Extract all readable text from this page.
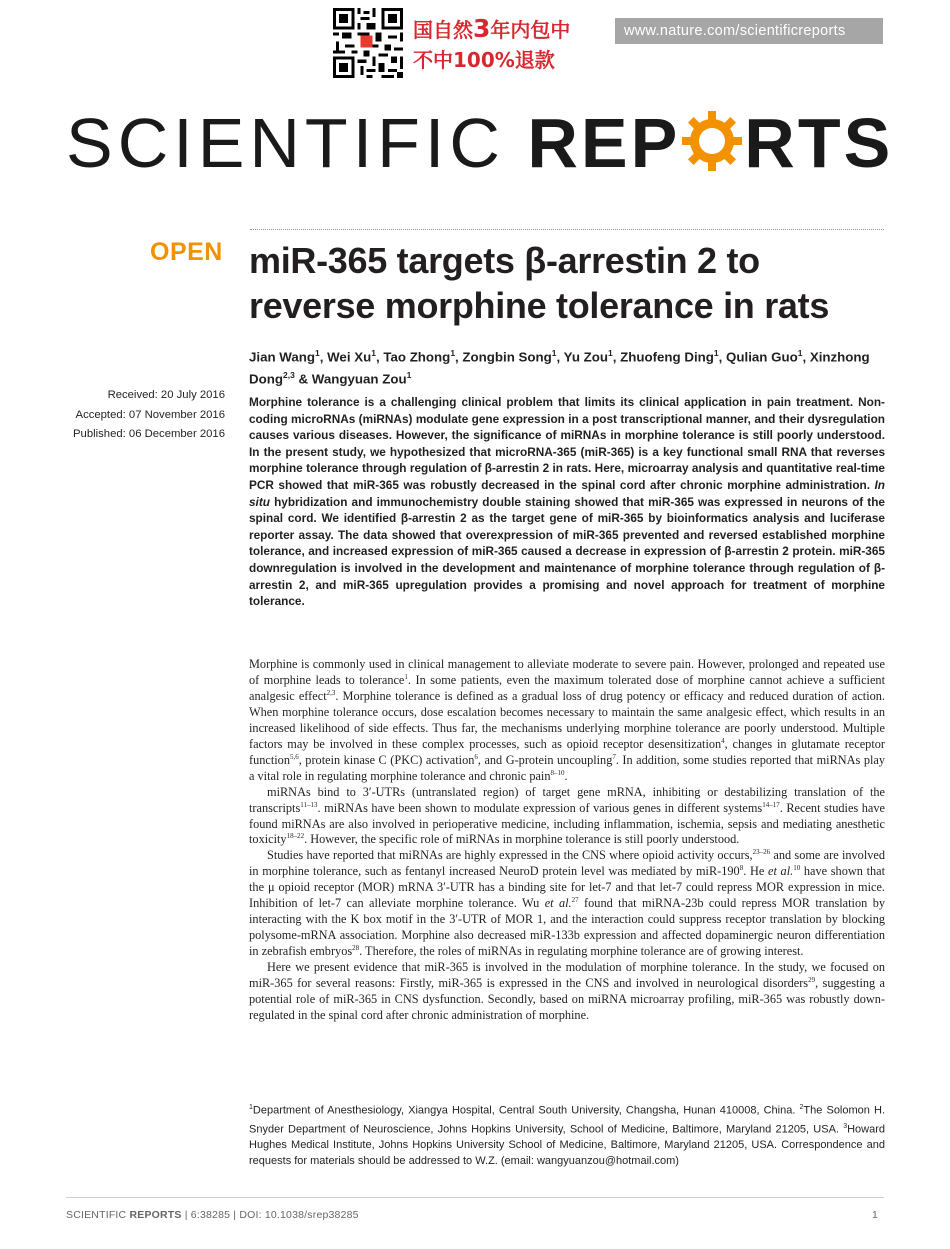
国自然3年内包中
不中100%退款
www.nature.com/scientificreports
SCIENTIFIC REP RTS
OPEN miR-365 targets β-arrestin 2 to reverse morphine tolerance in rats
Jian Wang$^1$, Wei Xu$^1$, Tao Zhong$^1$, Zongbin Song$^1$, Yu Zou$^1$, Zhuofeng Ding$^1$, Qulian Guo$^1$, Xinzhong Dong$^{2,3}$ & Wangyuan Zou$^1$
Received: 20 July 2016
Accepted: 07 November 2016
Published: 06 December 2016
Morphine tolerance is a challenging clinical problem that limits its clinical application in pain treatment. Non-coding microRNAs (miRNAs) modulate gene expression in a post transcriptional manner, and their dysregulation causes various diseases. However, the significance of miRNAs in morphine tolerance is still poorly understood. In the present study, we hypothesized that microRNA-365 (miR-365) is a key functional small RNA that reverses morphine tolerance through regulation of β-arrestin 2 in rats. Here, microarray analysis and quantitative real-time PCR showed that miR-365 was robustly decreased in the spinal cord after chronic morphine administration. In situ hybridization and immunochemistry double staining showed that miR-365 was expressed in neurons of the spinal cord. We identified β-arrestin 2 as the target gene of miR-365 by bioinformatics analysis and luciferase reporter assay. The data showed that overexpression of miR-365 prevented and reversed established morphine tolerance, and increased expression of miR-365 caused a decrease in expression of β-arrestin 2 protein. miR-365 downregulation is involved in the development and maintenance of morphine tolerance through regulation of β-arrestin 2, and miR-365 upregulation provides a promising and novel approach for treatment of morphine tolerance.

Morphine is commonly used in clinical management to alleviate moderate to severe pain. However, prolonged and repeated use of morphine leads to tolerance$^1$. In some patients, even the maximum tolerated dose of morphine cannot achieve a sufficient analgesic effect$^{2,3}$. Morphine tolerance is defined as a gradual loss of drug potency or efficacy and reduced duration of action. When morphine tolerance occurs, dose escalation becomes necessary to maintain the same analgesic effect, which results in an increased likelihood of side effects. Thus far, the mechanisms underlying morphine tolerance are poorly understood. Multiple factors may be involved in these complex processes, such as opioid receptor desensitization$^4$, changes in glutamate receptor function$^{5,6}$, protein kinase C (PKC) activation$^6$, and G-protein uncoupling$^7$. In addition, some studies reported that miRNAs play a vital role in regulating morphine tolerance and chronic pain$^{8-10}$.

miRNAs bind to 3′-UTRs (untranslated region) of target gene mRNA, inhibiting or destabilizing translation of the transcripts$^{11-13}$. miRNAs have been shown to modulate expression of various genes in different systems$^{14-17}$. Recent studies have found miRNAs are also involved in perioperative medicine, including inflammation, ischemia, sepsis and mediating anesthetic toxicity$^{18-22}$. However, the specific role of miRNAs in morphine tolerance is still poorly understood.

Studies have reported that miRNAs are highly expressed in the CNS where opioid activity occurs,$^{23-26}$ and some are involved in morphine tolerance, such as fentanyl increased NeuroD protein level was mediated by miR-$190^8$. He et al.$^{10}$ have shown that the μ opioid receptor (MOR) mRNA 3′-UTR has a binding site for let-7 and that let-7 could repress MOR expression in mice. Inhibition of let-7 can alleviate morphine tolerance. Wu et al.$^{27}$ found that miRNA-23b could repress MOR translation by interacting with the K box motif in the 3′-UTR of MOR 1, and the interaction could suppress receptor translation by blocking polysome-mRNA association. Morphine also decreased miR-133b expression and affected dopaminergic neuron differentiation in zebrafish embryos$^{28}$. Therefore, the roles of miRNAs in regulating morphine tolerance are of growing interest.

Here we present evidence that miR-365 is involved in the modulation of morphine tolerance. In the study, we focused on miR-365 for several reasons: Firstly, miR-365 is expressed in the CNS and involved in neurological disorders$^{29}$, suggesting a potential role of miR-365 in CNS dysfunction. Secondly, based on miRNA microarray profiling, miR-365 was robustly down-regulated in the spinal cord after chronic administration of morphine.

$^1$Department of Anesthesiology, Xiangya Hospital, Central South University, Changsha, Hunan 410008, China. $^2$The Solomon H. Snyder Department of Neuroscience, Johns Hopkins University, School of Medicine, Baltimore, Maryland 21205, USA. $^3$Howard Hughes Medical Institute, Johns Hopkins University School of Medicine, Baltimore, Maryland 21205, USA. Correspondence and requests for materials should be addressed to W.Z. (email: wangyuanzou@hotmail.com)
SCIENTIFIC REPORTS | 6:38285 | DOI: 10.1038/srep38285	1
